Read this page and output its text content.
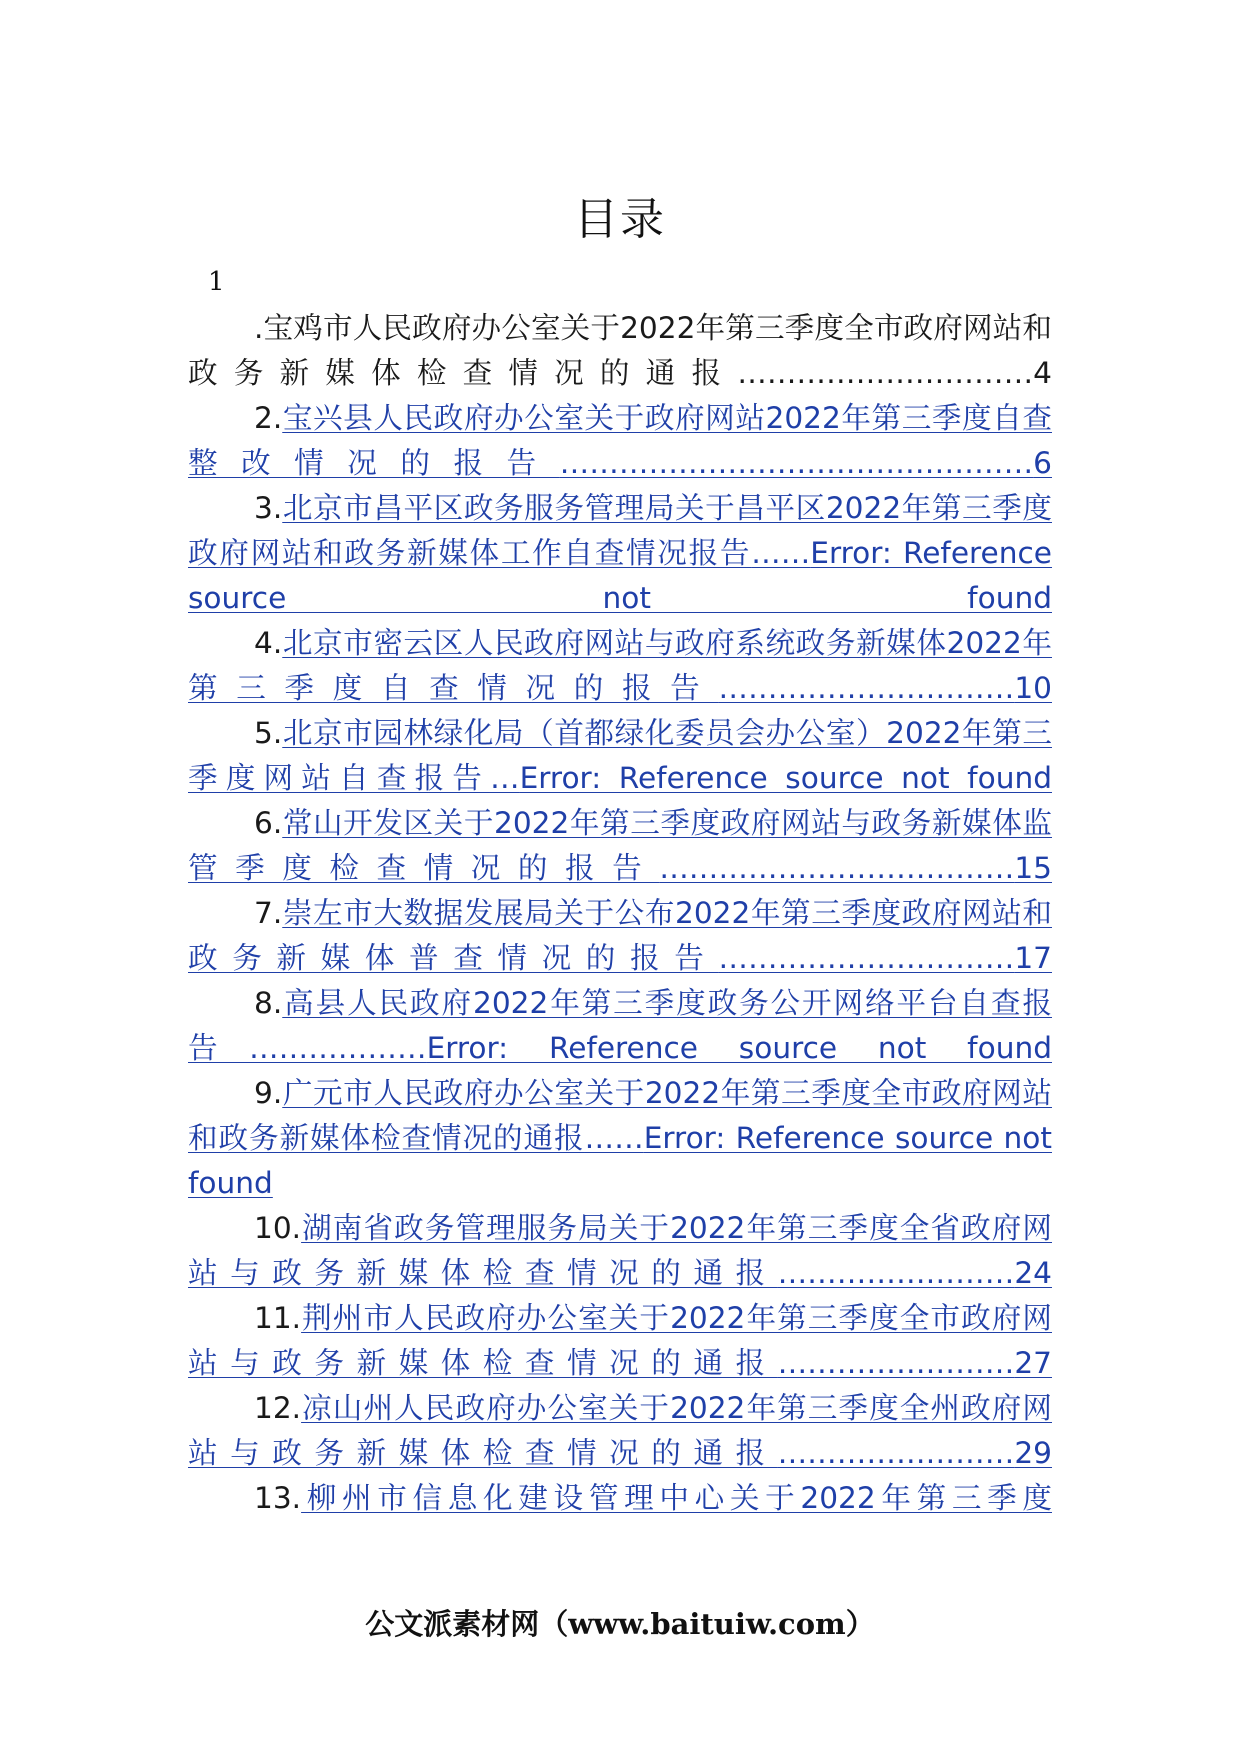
目录
1

.宝鸡市人民政府办公室关于2022年第三季度全市政府网站和政务新媒体检查情况的通报…………………………4

2.宝兴县人民政府办公室关于政府网站2022年第三季度自查整改情况的报告…………………………………………6

3.北京市昌平区政务服务管理局关于昌平区2022年第三季度政府网站和政务新媒体工作自查情况报告……Error: Reference source not found

4.北京市密云区人民政府网站与政府系统政务新媒体2022年第三季度自查情况的报告…………………………10

5.北京市园林绿化局（首都绿化委员会办公室）2022年第三季度网站自查报告…Error: Reference source not found

6.常山开发区关于2022年第三季度政府网站与政务新媒体监管季度检查情况的报告………………………………15

7.崇左市大数据发展局关于公布2022年第三季度政府网站和政务新媒体普查情况的报告…………………………17

8.高县人民政府2022年第三季度政务公开网络平台自查报告………………Error: Reference source not found

9.广元市人民政府办公室关于2022年第三季度全市政府网站和政务新媒体检查情况的通报……Error: Reference source not found

10.湖南省政务管理服务局关于2022年第三季度全省政府网站与政务新媒体检查情况的通报……………………24

11.荆州市人民政府办公室关于2022年第三季度全市政府网站与政务新媒体检查情况的通报……………………27

12.凉山州人民政府办公室关于2022年第三季度全州政府网站与政务新媒体检查情况的通报……………………29

13.柳州市信息化建设管理中心关于2022年第三季度

公文派素材网（www.baituiw.com）
